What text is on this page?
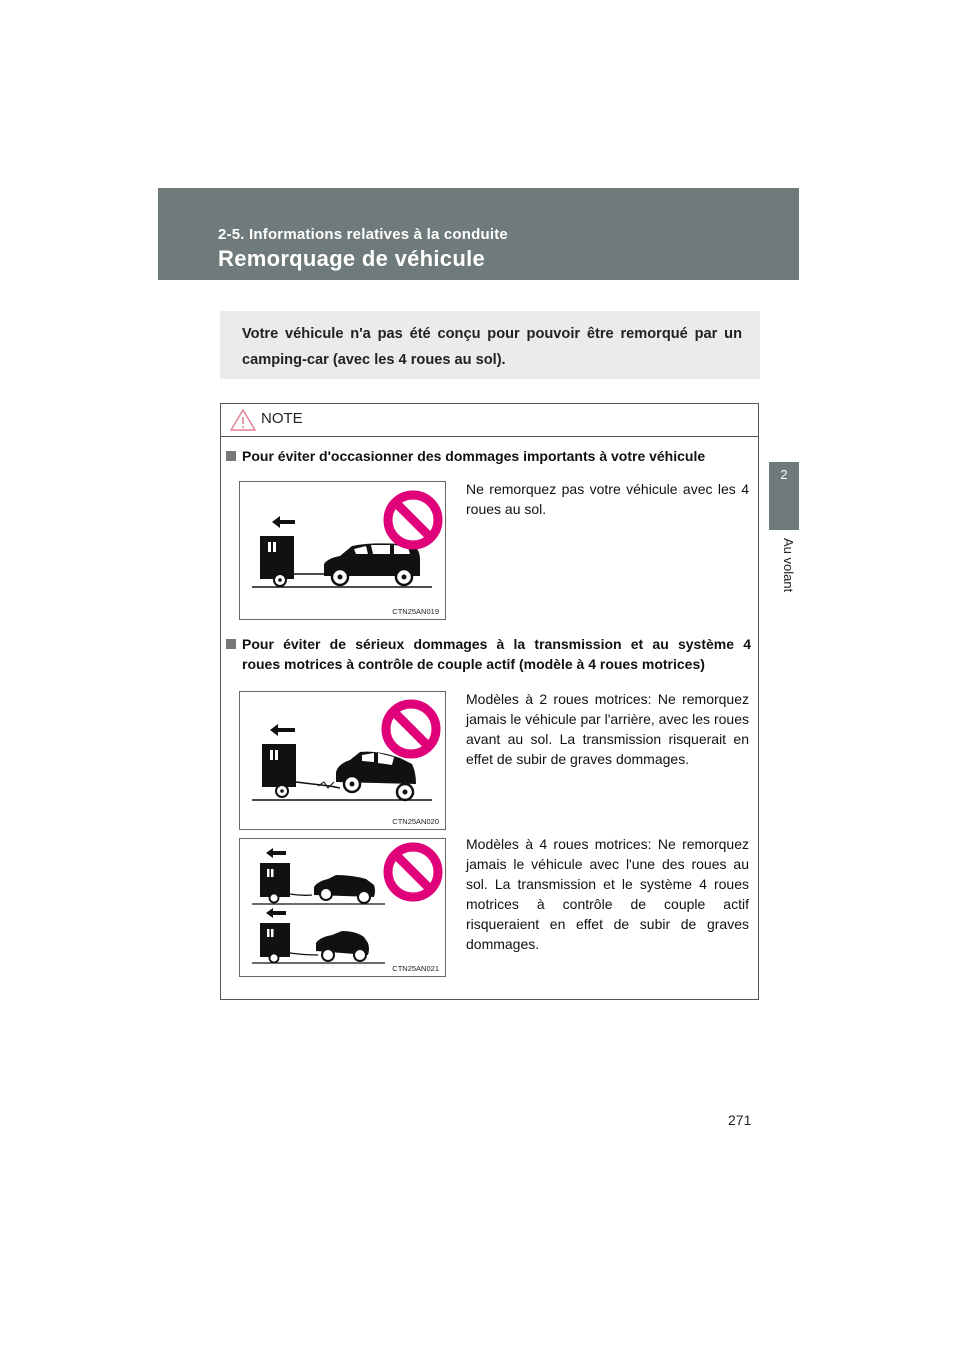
2-5. Informations relatives à la conduite
Remorquage de véhicule
2
Au volant

Votre véhicule n'a pas été conçu pour pouvoir être remorqué par un camping-car (avec les 4 roues au sol).

NOTE
Pour éviter d'occasionner des dommages importants à votre véhicule
CTN25AN019
Ne remorquez pas votre véhicule avec les 4 roues au sol.
Pour éviter de sérieux dommages à la transmission et au système 4
roues motrices à contrôle de couple actif (modèle à 4 roues motrices)
CTN25AN020
Modèles à 2 roues motrices: Ne remorquez jamais le véhicule par l'arrière, avec les roues avant au sol. La transmission risquerait en effet de subir de graves dommages.
CTN25AN021
Modèles à 4 roues motrices: Ne remorquez jamais le véhicule avec l'une des roues au sol. La transmission et le système 4 roues motrices à contrôle de couple actif risqueraient en effet de subir de graves dommages.
271
